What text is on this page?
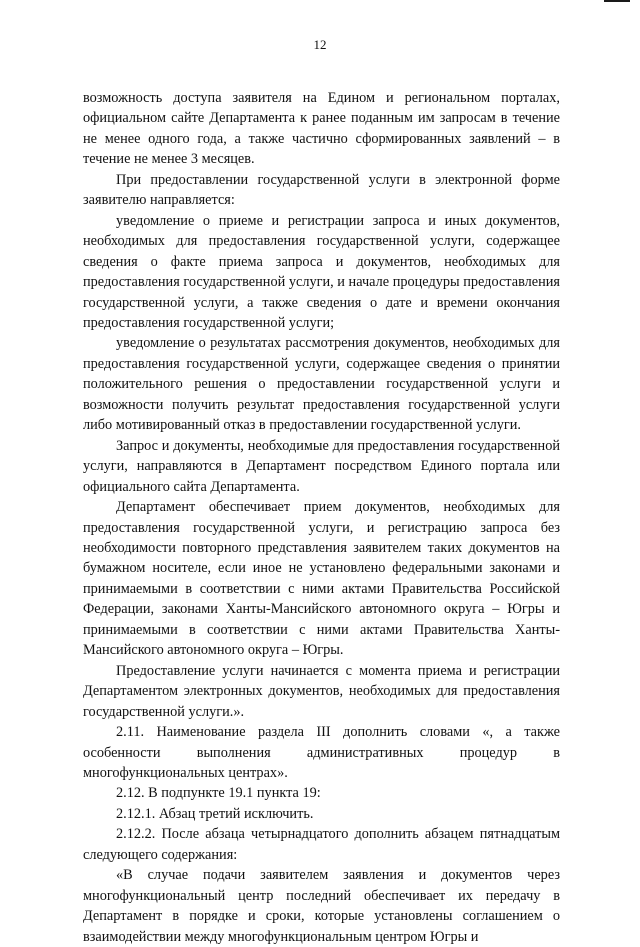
12

возможность доступа заявителя на Едином и региональном порталах, официальном сайте Департамента к ранее поданным им запросам в течение не менее одного года, а также частично сформированных заявлений – в течение не менее 3 месяцев.

При предоставлении государственной услуги в электронной форме заявителю направляется:

уведомление о приеме и регистрации запроса и иных документов, необходимых для предоставления государственной услуги, содержащее сведения о факте приема запроса и документов, необходимых для предоставления государственной услуги, и начале процедуры предоставления государственной услуги, а также сведения о дате и времени окончания предоставления государственной услуги;

уведомление о результатах рассмотрения документов, необходимых для предоставления государственной услуги, содержащее сведения о принятии положительного решения о предоставлении государственной услуги и возможности получить результат предоставления государственной услуги либо мотивированный отказ в предоставлении государственной услуги.

Запрос и документы, необходимые для предоставления государственной услуги, направляются в Департамент посредством Единого портала или официального сайта Департамента.

Департамент обеспечивает прием документов, необходимых для предоставления государственной услуги, и регистрацию запроса без необходимости повторного представления заявителем таких документов на бумажном носителе, если иное не установлено федеральными законами и принимаемыми в соответствии с ними актами Правительства Российской Федерации, законами Ханты-Мансийского автономного округа – Югры и принимаемыми в соответствии с ними актами Правительства Ханты-Мансийского автономного округа – Югры.

Предоставление услуги начинается с момента приема и регистрации Департаментом электронных документов, необходимых для предоставления государственной услуги.».

2.11. Наименование раздела III дополнить словами «, а также особенности выполнения административных процедур в многофункциональных центрах».

2.12. В подпункте 19.1 пункта 19:

2.12.1. Абзац третий исключить.

2.12.2. После абзаца четырнадцатого дополнить абзацем пятнадцатым следующего содержания:

«В случае подачи заявителем заявления и документов через многофункциональный центр последний обеспечивает их передачу в Департамент в порядке и сроки, которые установлены соглашением о взаимодействии между многофункциональным центром Югры и
